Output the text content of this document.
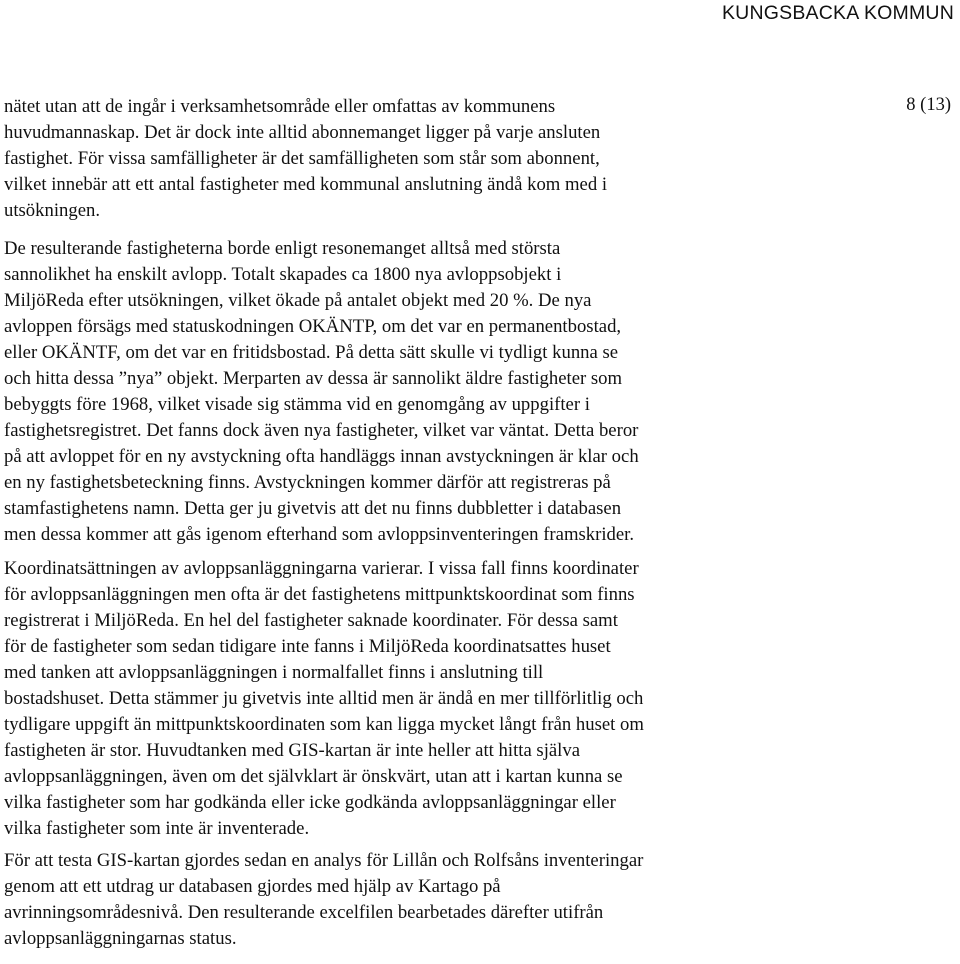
KUNGSBACKA KOMMUN
8 (13)

nätet utan att de ingår i verksamhetsområde eller omfattas av kommunens
huvudmannaskap. Det är dock inte alltid abonnemanget ligger på varje ansluten
fastighet. För vissa samfälligheter är det samfälligheten som står som abonnent,
vilket innebär att ett antal fastigheter med kommunal anslutning ändå kom med i
utsökningen.

De resulterande fastigheterna borde enligt resonemanget alltså med största
sannolikhet ha enskilt avlopp. Totalt skapades ca 1800 nya avloppsobjekt i
MiljöReda efter utsökningen, vilket ökade på antalet objekt med 20 %. De nya
avloppen försägs med statuskodningen OKÄNTP, om det var en permanentbostad,
eller OKÄNTF, om det var en fritidsbostad. På detta sätt skulle vi tydligt kunna se
och hitta dessa ”nya” objekt. Merparten av dessa är sannolikt äldre fastigheter som
bebyggts före 1968, vilket visade sig stämma vid en genomgång av uppgifter i
fastighetsregistret. Det fanns dock även nya fastigheter, vilket var väntat. Detta beror
på att avloppet för en ny avstyckning ofta handläggs innan avstyckningen är klar och
en ny fastighetsbeteckning finns. Avstyckningen kommer därför att registreras på
stamfastighetens namn. Detta ger ju givetvis att det nu finns dubbletter i databasen
men dessa kommer att gås igenom efterhand som avloppsinventeringen framskrider.

Koordinatsättningen av avloppsanläggningarna varierar. I vissa fall finns koordinater
för avloppsanläggningen men ofta är det fastighetens mittpunktskoordinat som finns
registrerat i MiljöReda. En hel del fastigheter saknade koordinater. För dessa samt
för de fastigheter som sedan tidigare inte fanns i MiljöReda koordinatsattes huset
med tanken att avloppsanläggningen i normalfallet finns i anslutning till
bostadshuset. Detta stämmer ju givetvis inte alltid men är ändå en mer tillförlitlig och
tydligare uppgift än mittpunktskoordinaten som kan ligga mycket långt från huset om
fastigheten är stor. Huvudtanken med GIS-kartan är inte heller att hitta själva
avloppsanläggningen, även om det självklart är önskvärt, utan att i kartan kunna se
vilka fastigheter som har godkända eller icke godkända avloppsanläggningar eller
vilka fastigheter som inte är inventerade.

För att testa GIS-kartan gjordes sedan en analys för Lillån och Rolfsåns inventeringar
genom att ett utdrag ur databasen gjordes med hjälp av Kartago på
avrinningsområdesnivå. Den resulterande excelfilen bearbetades därefter utifrån
avloppsanläggningarnas status.
